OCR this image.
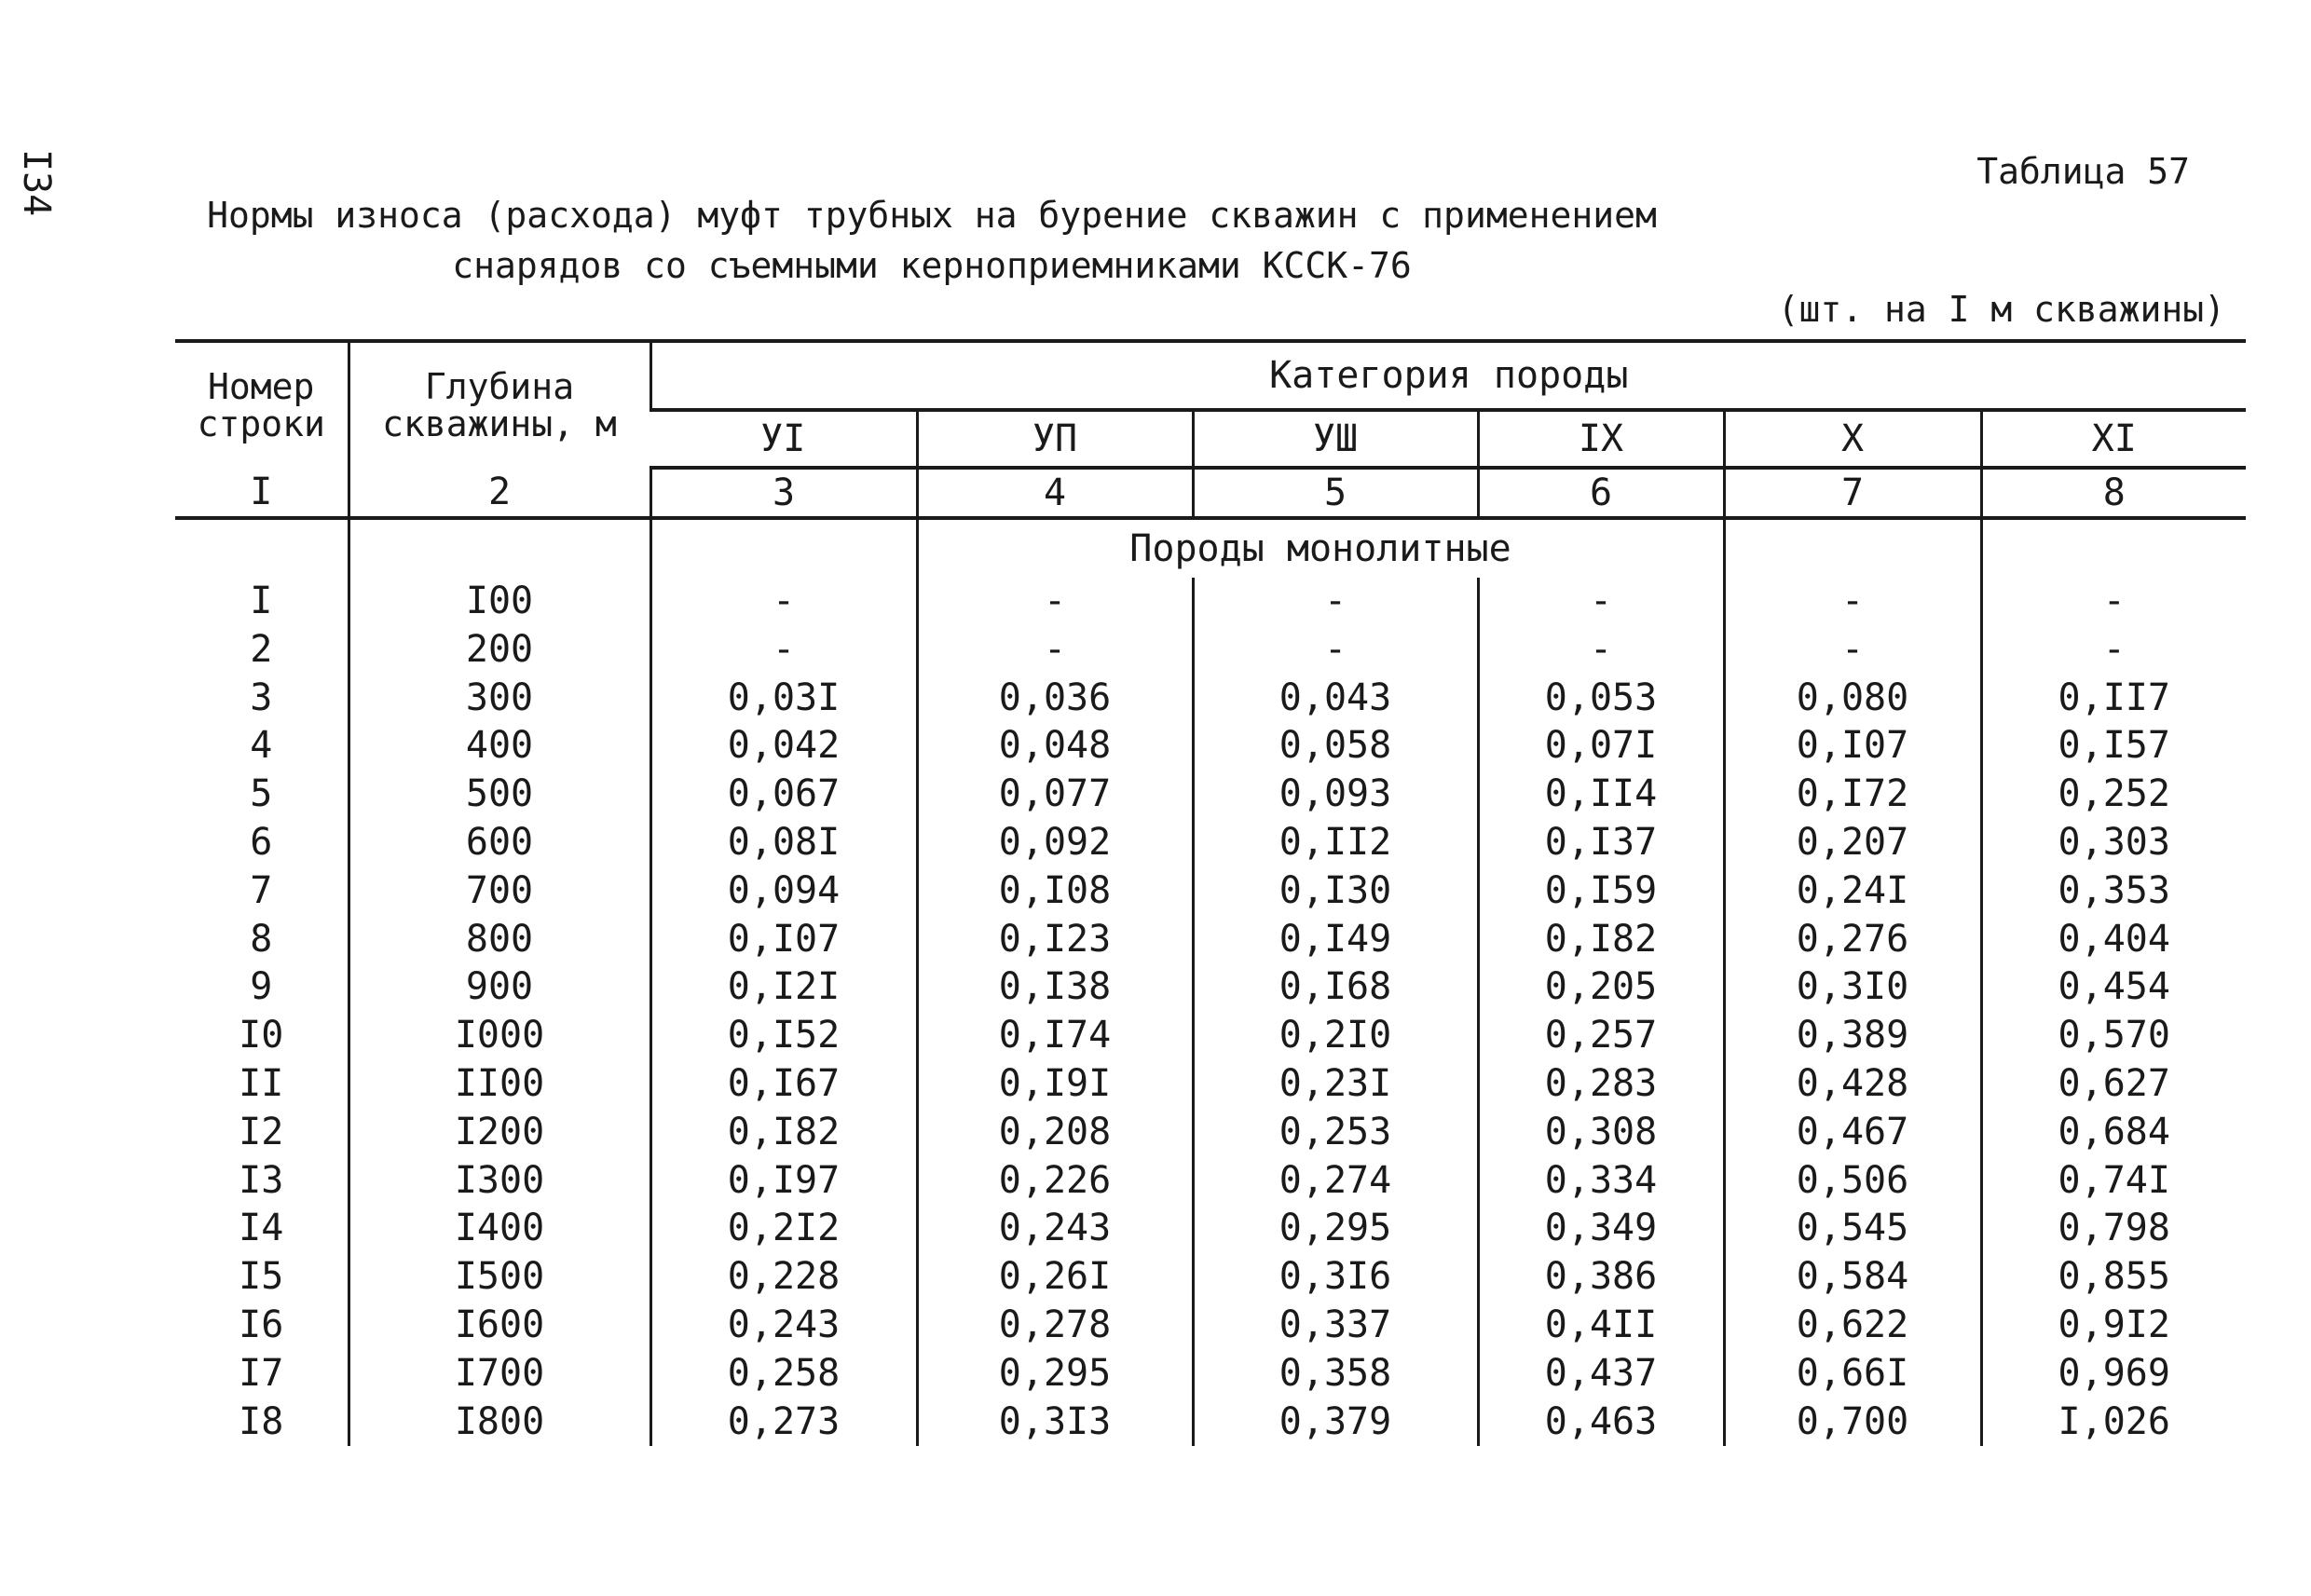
I34	Таблица 57
Нормы износа (расхода) муфт трубных на бурение скважин с применением
снарядов со съемными керноприемниками КССК-76
(шт. на I м скважины)
Номер строки	Глубина скважины, м	Категория породы					
		УI	УП	УШ	IX	X	XI
I	2	3	4	5	6	7	8
			Породы монолитные				
I	I00	-	-	-	-	-	-
2	200	-	-	-	-	-	-
3	300	0,03I	0,036	0,043	0,053	0,080	0,II7
4	400	0,042	0,048	0,058	0,07I	0,I07	0,I57
5	500	0,067	0,077	0,093	0,II4	0,I72	0,252
6	600	0,08I	0,092	0,II2	0,I37	0,207	0,303
7	700	0,094	0,I08	0,I30	0,I59	0,24I	0,353
8	800	0,I07	0,I23	0,I49	0,I82	0,276	0,404
9	900	0,I2I	0,I38	0,I68	0,205	0,3I0	0,454
I0	I000	0,I52	0,I74	0,2I0	0,257	0,389	0,570
II	II00	0,I67	0,I9I	0,23I	0,283	0,428	0,627
I2	I200	0,I82	0,208	0,253	0,308	0,467	0,684
I3	I300	0,I97	0,226	0,274	0,334	0,506	0,74I
I4	I400	0,2I2	0,243	0,295	0,349	0,545	0,798
I5	I500	0,228	0,26I	0,3I6	0,386	0,584	0,855
I6	I600	0,243	0,278	0,337	0,4II	0,622	0,9I2
I7	I700	0,258	0,295	0,358	0,437	0,66I	0,969
I8	I800	0,273	0,3I3	0,379	0,463	0,700	I,026
